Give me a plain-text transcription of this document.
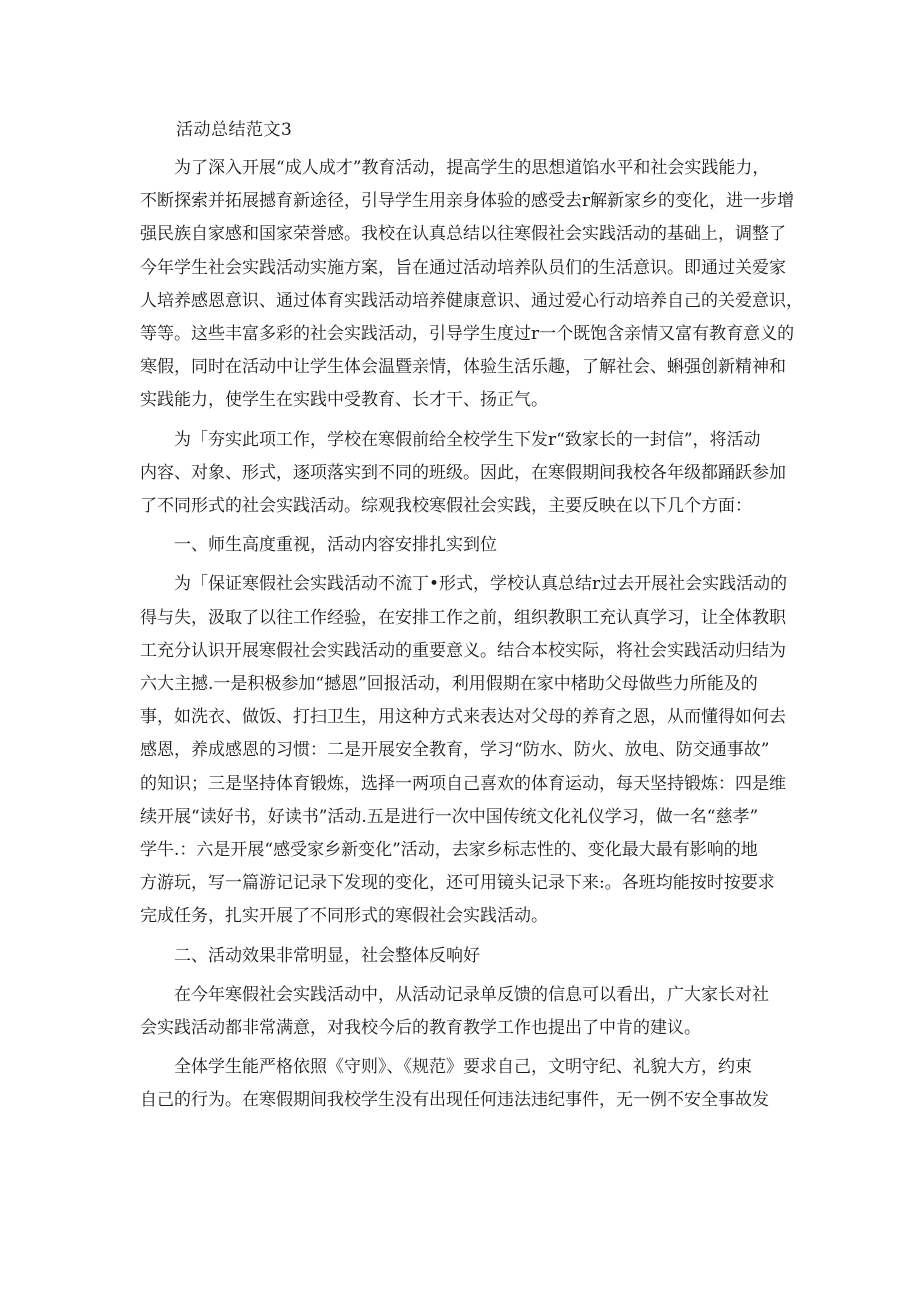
活动总结范文3

为了深入开展“成人成才”教育活动，提高学生的思想道馅水平和社会实践能力，
不断探索并拓展撼育新途径，引导学生用亲身体验的感受去r解新家乡的变化，进一步增
强民族自家感和国家荣誉感。我校在认真总结以往寒假社会实践活动的基础上，调整了
今年学生社会实践活动实施方案，旨在通过活动培养队员们的生活意识。即通过关爱家
人培养感恩意识、通过体育实践活动培养健康意识、通过爱心行动培养自己的关爱意识，
等等。这些丰富多彩的社会实践活动，引导学生度过r一个既饱含亲情又富有教育意义的
寒假，同时在活动中让学生体会温暨亲情，体验生活乐趣，了解社会、蝌强创新精神和
实践能力，使学生在实践中受教育、长才干、扬正气。

为「夯实此项工作，学校在寒假前给全校学生下发r“致家长的一封信”，将活动
内容、对象、形式，逐项落实到不同的班级。因此，在寒假期间我校各年级都踊跃参加
了不同形式的社会实践活动。综观我校寒假社会实践，主要反映在以下几个方面：

一、师生高度重视，活动内容安排扎实到位

为「保证寒假社会实践活动不流丁•形式，学校认真总结r过去开展社会实践活动的
得与失，汲取了以往工作经验，在安排工作之前，组织教职工充认真学习，让全体教职
工充分认识开展寒假社会实践活动的重要意义。结合本校实际，将社会实践活动归结为
六大主撼.一是积极参加“撼恩”回报活动，利用假期在家中楮助父母做些力所能及的
事，如洗衣、做饭、打扫卫生，用这种方式来表达对父母的养育之恩，从而懂得如何去
感恩，养成感恩的习惯：二是开展安全教育，学习“防水、防火、放电、防交通事故”
的知识；三是坚持体育锻炼，选择一两项自己喜欢的体育运动，每天坚持锻炼：四是维
续开展“读好书，好读书”活动.五是进行一次中国传统文化礼仪学习，做一名“慈孝”
学牛.：六是开展“感受家乡新变化”活动，去家乡标志性的、变化最大最有影响的地
方游玩，写一篇游记记录下发现的变化，还可用镜头记录下来:。各班均能按时按要求
完成任务，扎实开展了不同形式的寒假社会实践活动。

二、活动效果非常明显，社会整体反响好

在今年寒假社会实践活动中，从活动记录单反馈的信息可以看出，广大家长对社
会实践活动都非常满意，对我校今后的教育教学工作也提出了中肯的建议。

全体学生能严格依照《守则》、《规范》要求自己，文明守纪、礼貌大方，约束
自己的行为。在寒假期间我校学生没有出现任何违法违纪事件，无一例不安全事故发
